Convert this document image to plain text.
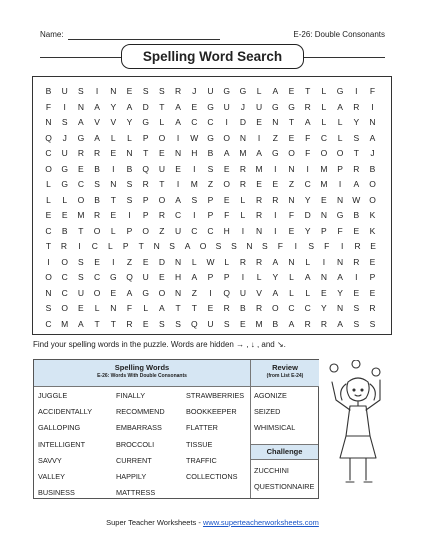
Name:	E-26: Double Consonants
Spelling Word Search
B	U	S	I	N	E	S	S	R	J	U	G	G	L	A	E	T	L	G	I	F
F	I	N	A	Y	A	D	T	A	E	G	U	J	U	G	G	R	L	A	R	I
N	S	A	V	V	Y	G	L	A	C	C	I	D	E	N	T	A	L	L	Y	N
Q	J	G	A	L	L	P	O	I	W	G	O	N	I	Z	E	F	C	L	S	A
C	U	R	R	E	N	T	E	N	H	B	A	M	A	G	O	F	O	O	T	J
O	G	E	B	I	B	Q	U	E	I	S	E	R	M	I	N	I	M	P	R	B
L	G	C	S	N	S	R	T	I	M	Z	O	R	E	E	Z	C	M	I	A	O
L	L	O	B	T	S	P	O	A	S	P	E	L	R	R	N	Y	E	N	W	O
E	E	M	R	E	I	P	R	C	I	P	F	L	R	I	F	D	N	G	B	K
C	B	T	O	L	P	O	Z	U	C	C	H	I	N	I	E	Y	P	F	E	K
T	R	I	C	L	P	T	N	S	A	O	S	S	N	S	F	I	S	F	I	R	E
I	O	S	E	I	Z	E	D	N	L	W	L	R	R	A	N	L	I	N	R	E
O	C	S	C	G	Q	U	E	H	A	P	P	I	L	Y	L	A	N	A	I	P
N	C	U	O	E	A	G	O	N	Z	I	Q	U	V	A	L	L	E	Y	E	E
S	O	E	L	N	F	L	A	T	T	E	R	B	R	O	C	C	Y	N	S	R
C	M	A	T	T	R	E	S	S	Q	U	S	E	M	B	A	R	R	A	S	S
Find your spelling words in the puzzle. Words are hidden → , ↓ , and ↘.
Spelling Words
E-26: Words With Double Consonants
Review
(from List E-24)
Challenge
JUGGLE	FINALLY	STRAWBERRIES
ACCIDENTALLY	RECOMMEND	BOOKKEEPER
GALLOPING	EMBARRASS	FLATTER
INTELLIGENT	BROCCOLI	TISSUE
SAVVY	CURRENT	TRAFFIC
VALLEY	HAPPILY	COLLECTIONS
BUSINESS	MATTRESS
AGONIZE
SEIZED
WHIMSICAL
ZUCCHINI
QUESTIONNAIRE
Super Teacher Worksheets - www.superteacherworksheets.com
